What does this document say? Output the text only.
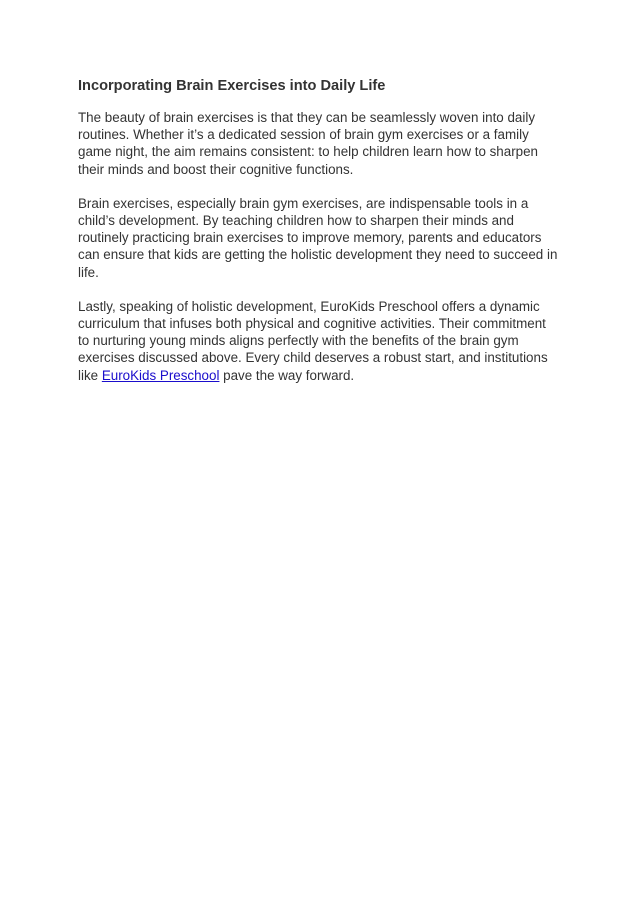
Incorporating Brain Exercises into Daily Life

The beauty of brain exercises is that they can be seamlessly woven into daily routines. Whether it’s a dedicated session of brain gym exercises or a family game night, the aim remains consistent: to help children learn how to sharpen their minds and boost their cognitive functions.

Brain exercises, especially brain gym exercises, are indispensable tools in a child’s development. By teaching children how to sharpen their minds and routinely practicing brain exercises to improve memory, parents and educators can ensure that kids are getting the holistic development they need to succeed in life.

Lastly, speaking of holistic development, EuroKids Preschool offers a dynamic curriculum that infuses both physical and cognitive activities. Their commitment to nurturing young minds aligns perfectly with the benefits of the brain gym exercises discussed above. Every child deserves a robust start, and institutions like EuroKids Preschool pave the way forward.
